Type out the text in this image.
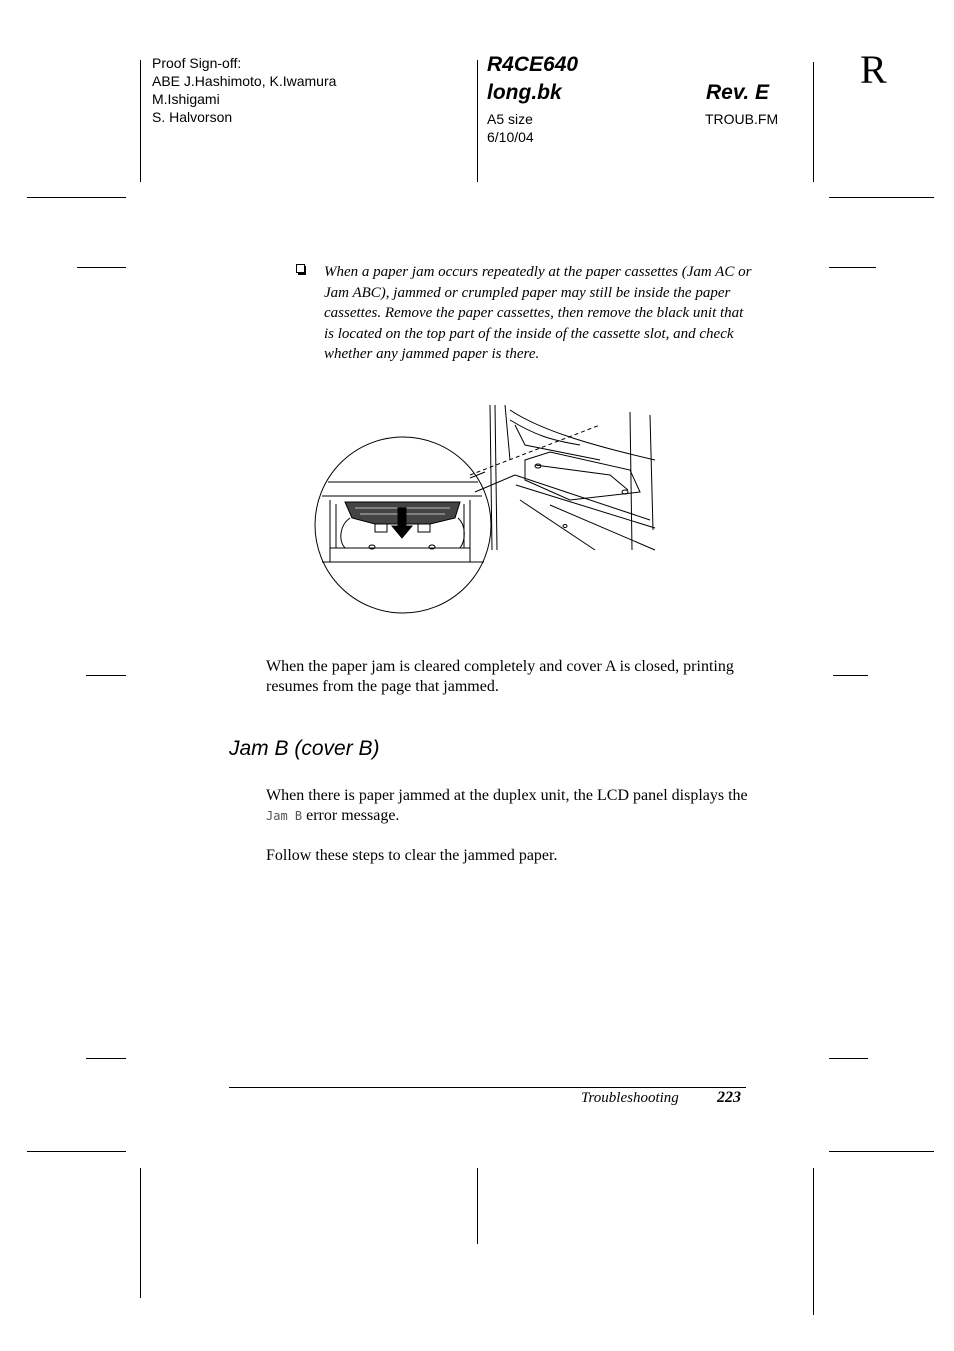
Proof Sign-off:
ABE J.Hashimoto, K.Iwamura
M.Ishigami
S. Halvorson
R4CE640
long.bk	Rev. E
A5 size
6/10/04
TROUB.FM
R
When a paper jam occurs repeatedly at the paper cassettes (Jam AC or Jam ABC), jammed or crumpled paper may still be inside the paper cassettes. Remove the paper cassettes, then remove the black unit that is located on the top part of the inside of the cassette slot, and check whether any jammed paper is there.
When the paper jam is cleared completely and cover A is closed, printing resumes from the page that jammed.
Jam B (cover B)
When there is paper jammed at the duplex unit, the LCD panel displays the Jam B error message.
Follow these steps to clear the jammed paper.
Troubleshooting 223
